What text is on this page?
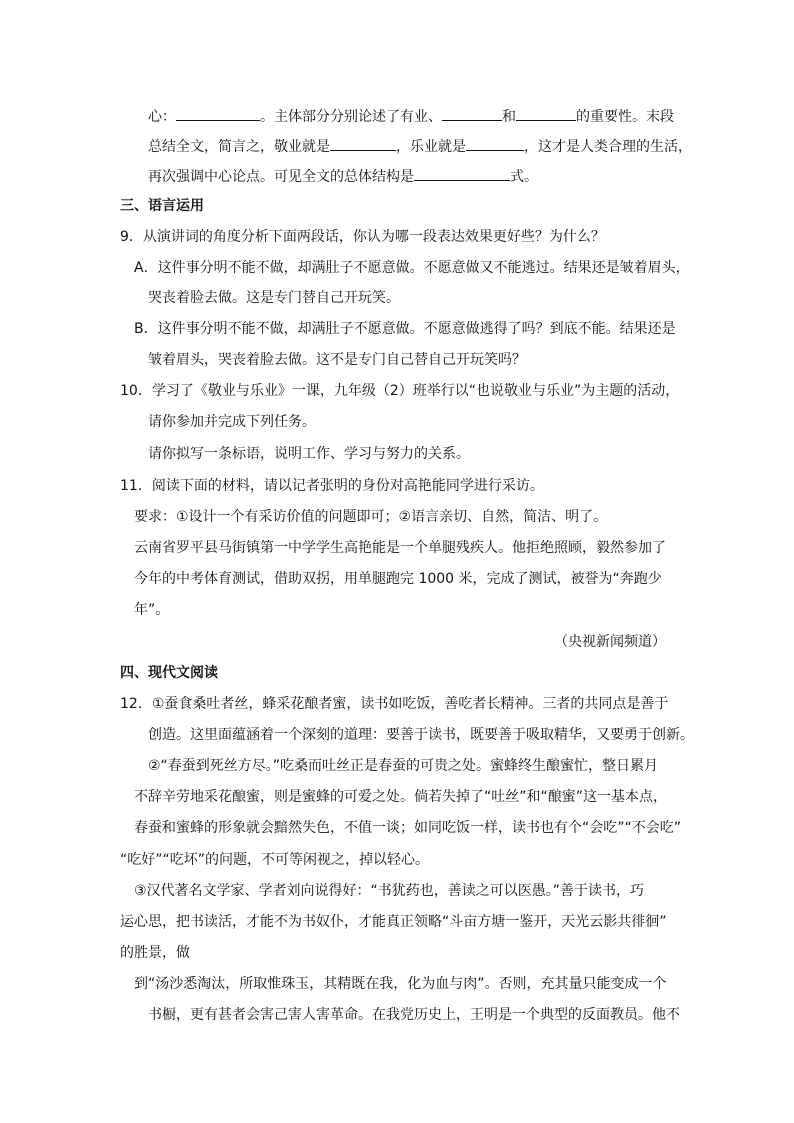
心：	。主体部分分别论述了有业、	和	的重要性。末段
总结全文，简言之，敬业就是	，乐业就是	，这才是人类合理的生活，
再次强调中心论点。可见全文的总体结构是	式。
三、语言运用
9．从演讲词的角度分析下面两段话，你认为哪一段表达效果更好些？为什么？
A．这件事分明不能不做，却满肚子不愿意做。不愿意做又不能逃过。结果还是皱着眉头，
哭丧着脸去做。这是专门替自己开玩笑。
B．这件事分明不能不做，却满肚子不愿意做。不愿意做逃得了吗？到底不能。结果还是
皱着眉头，哭丧着脸去做。这不是专门自己替自己开玩笑吗？
10．学习了《敬业与乐业》一课，九年级（2）班举行以“也说敬业与乐业”为主题的活动，
请你参加并完成下列任务。
请你拟写一条标语，说明工作、学习与努力的关系。
11．阅读下面的材料，请以记者张明的身份对高艳能同学进行采访。
要求：①设计一个有采访价值的问题即可；②语言亲切、自然，简洁、明了。
云南省罗平县马街镇第一中学学生高艳能是一个单腿残疾人。他拒绝照顾，毅然参加了
今年的中考体育测试，借助双拐，用单腿跑完 1000 米，完成了测试，被誉为“奔跑少
年”。
（央视新闻频道）
四、现代文阅读
12．①蚕食桑吐者丝，蜂采花酿者蜜，读书如吃饭，善吃者长精神。三者的共同点是善于
创造。这里面蕴涵着一个深刻的道理：要善于读书，既要善于吸取精华，又要勇于创新。
②“春蚕到死丝方尽。”吃桑而吐丝正是春蚕的可贵之处。蜜蜂终生酿蜜忙，整日累月
不辞辛劳地采花酿蜜，则是蜜蜂的可爱之处。倘若失掉了“吐丝”和“酿蜜”这一基本点，
春蚕和蜜蜂的形象就会黯然失色，不值一谈；如同吃饭一样，读书也有个“会吃”“不会吃”
“吃好”“吃坏”的问题，不可等闲视之，掉以轻心。
③汉代著名文学家、学者刘向说得好：“书犹药也，善读之可以医愚。”善于读书，巧
运心思，把书读活，才能不为书奴仆，才能真正领略“斗亩方塘一鉴开，天光云影共徘徊”
的胜景，做
到“汤沙悉淘汰，所取惟珠玉，其精既在我，化为血与肉”。否则，充其量只能变成一个
书橱，更有甚者会害己害人害革命。在我党历史上，王明是一个典型的反面教员。他不
